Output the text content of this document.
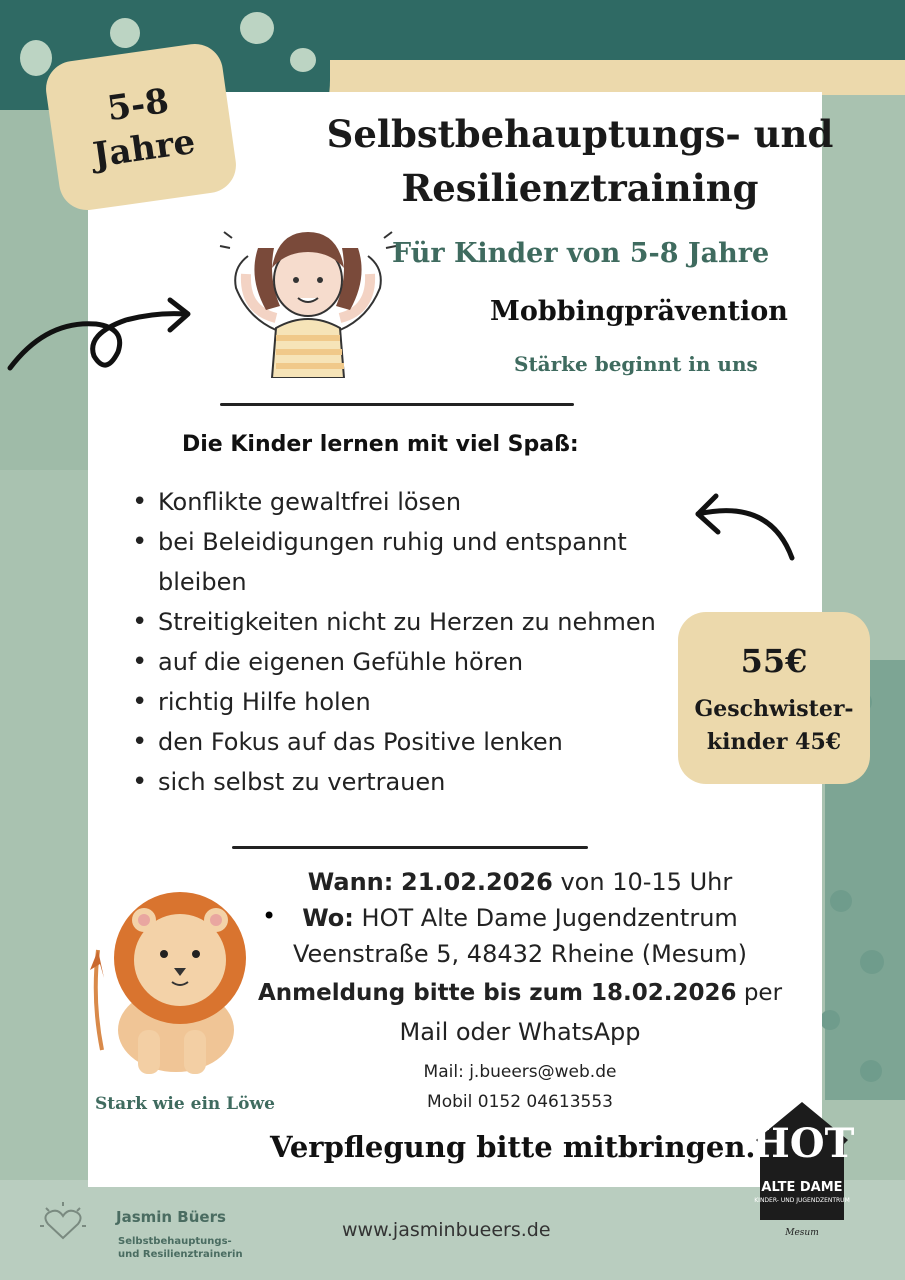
5-8
Jahre	Selbstbehauptungs- und
Resilienztraining
Für Kinder von 5-8 Jahre
Mobbingprävention
Stärke beginnt in uns
Die Kinder lernen mit viel Spaß:
• Konflikte gewaltfrei lösen
• bei Beleidigungen ruhig und entspannt bleiben
• Streitigkeiten nicht zu Herzen zu nehmen
• auf die eigenen Gefühle hören
• richtig Hilfe holen
• den Fokus auf das Positive lenken
• sich selbst zu vertrauen
55€
Geschwister-
kinder 45€
Wann: 21.02.2026 von 10-15 Uhr
•	Wo: HOT Alte Dame Jugendzentrum
Veenstraße 5, 48432 Rheine (Mesum)
Anmeldung bitte bis zum 18.02.2026 per
Mail oder WhatsApp
Mail: j.bueers@web.de
Mobil 0152 04613553
Stark wie ein Löwe
Verpflegung bitte mitbringen.
Jasmin Büers
Selbstbehauptungs-
und Resilienztrainerin
www.jasminbueers.de
HOT
ALTE DAME
KINDER- UND JUGENDZENTRUM
Mesum
